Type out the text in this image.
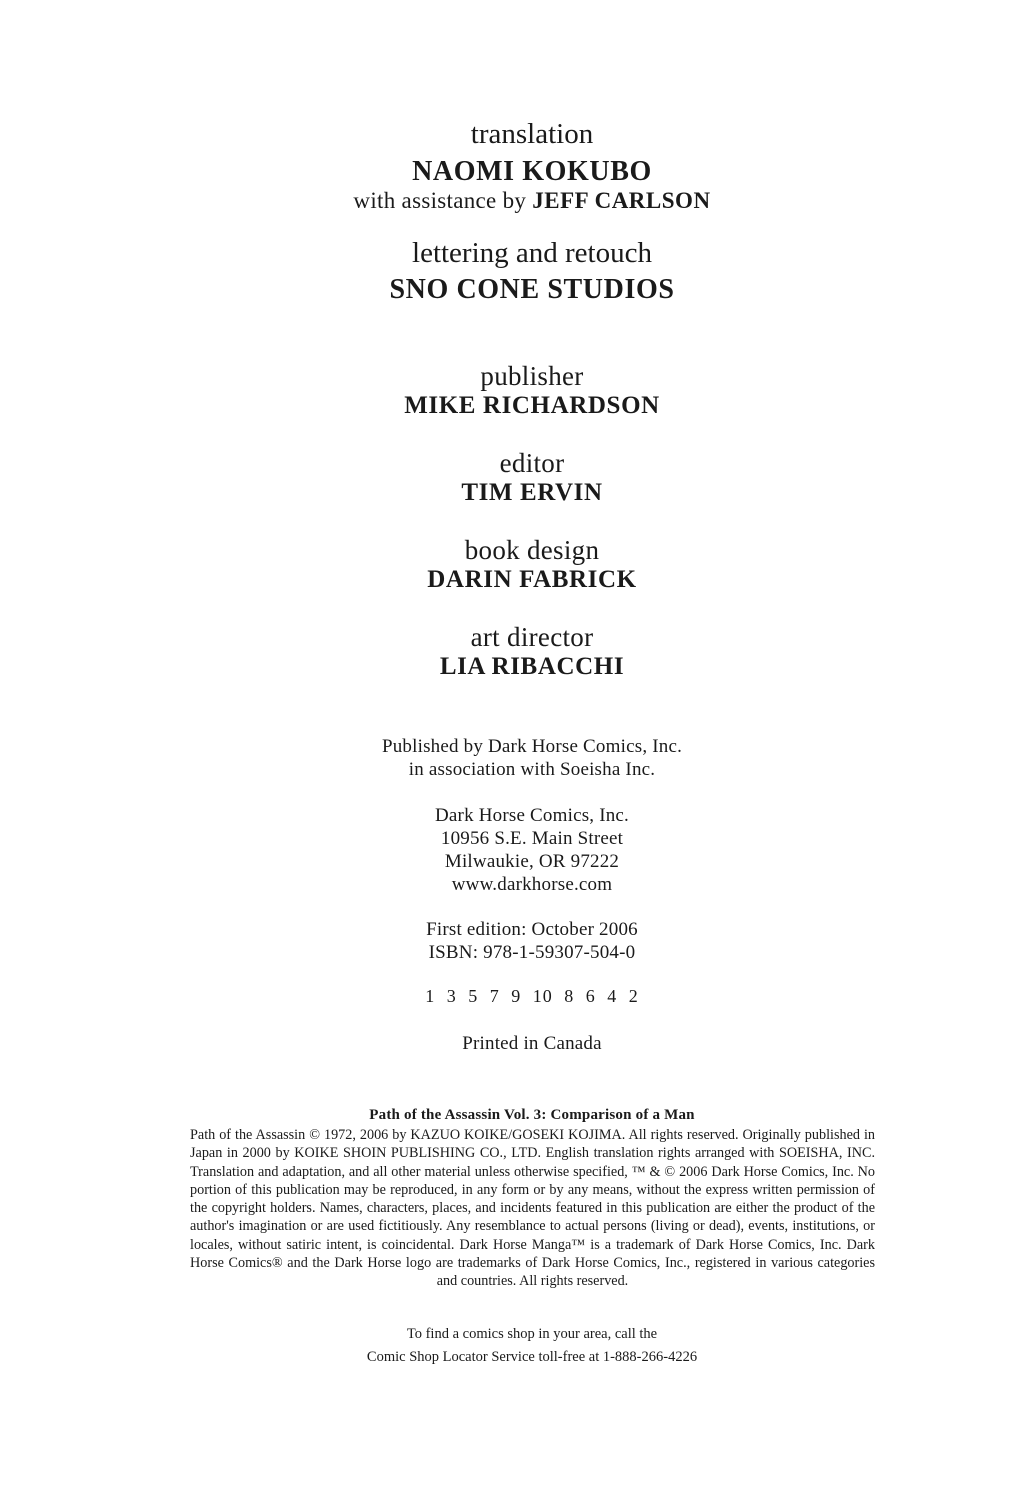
translation
NAOMI KOKUBO
with assistance by JEFF CARLSON
lettering and retouch
SNO CONE STUDIOS
publisher
MIKE RICHARDSON
editor
TIM ERVIN
book design
DARIN FABRICK
art director
LIA RIBACCHI
Published by Dark Horse Comics, Inc.
in association with Soeisha Inc.
Dark Horse Comics, Inc.
10956 S.E. Main Street
Milwaukie, OR 97222
www.darkhorse.com
First edition: October 2006
ISBN: 978-1-59307-504-0
1 3 5 7 9 10 8 6 4 2
Printed in Canada
Path of the Assassin Vol. 3: Comparison of a Man
Path of the Assassin © 1972, 2006 by KAZUO KOIKE/GOSEKI KOJIMA. All rights reserved. Originally published in Japan in 2000 by KOIKE SHOIN PUBLISHING CO., LTD. English translation rights arranged with SOEISHA, INC. Translation and adaptation, and all other material unless otherwise specified, ™ & © 2006 Dark Horse Comics, Inc. No portion of this publication may be reproduced, in any form or by any means, without the express written permission of the copyright holders. Names, characters, places, and incidents featured in this publication are either the product of the author's imagination or are used fictitiously. Any resemblance to actual persons (living or dead), events, institutions, or locales, without satiric intent, is coincidental. Dark Horse Manga™ is a trademark of Dark Horse Comics, Inc. Dark Horse Comics® and the Dark Horse logo are trademarks of Dark Horse Comics, Inc., registered in various categories and countries. All rights reserved.
To find a comics shop in your area, call the
Comic Shop Locator Service toll-free at 1-888-266-4226
